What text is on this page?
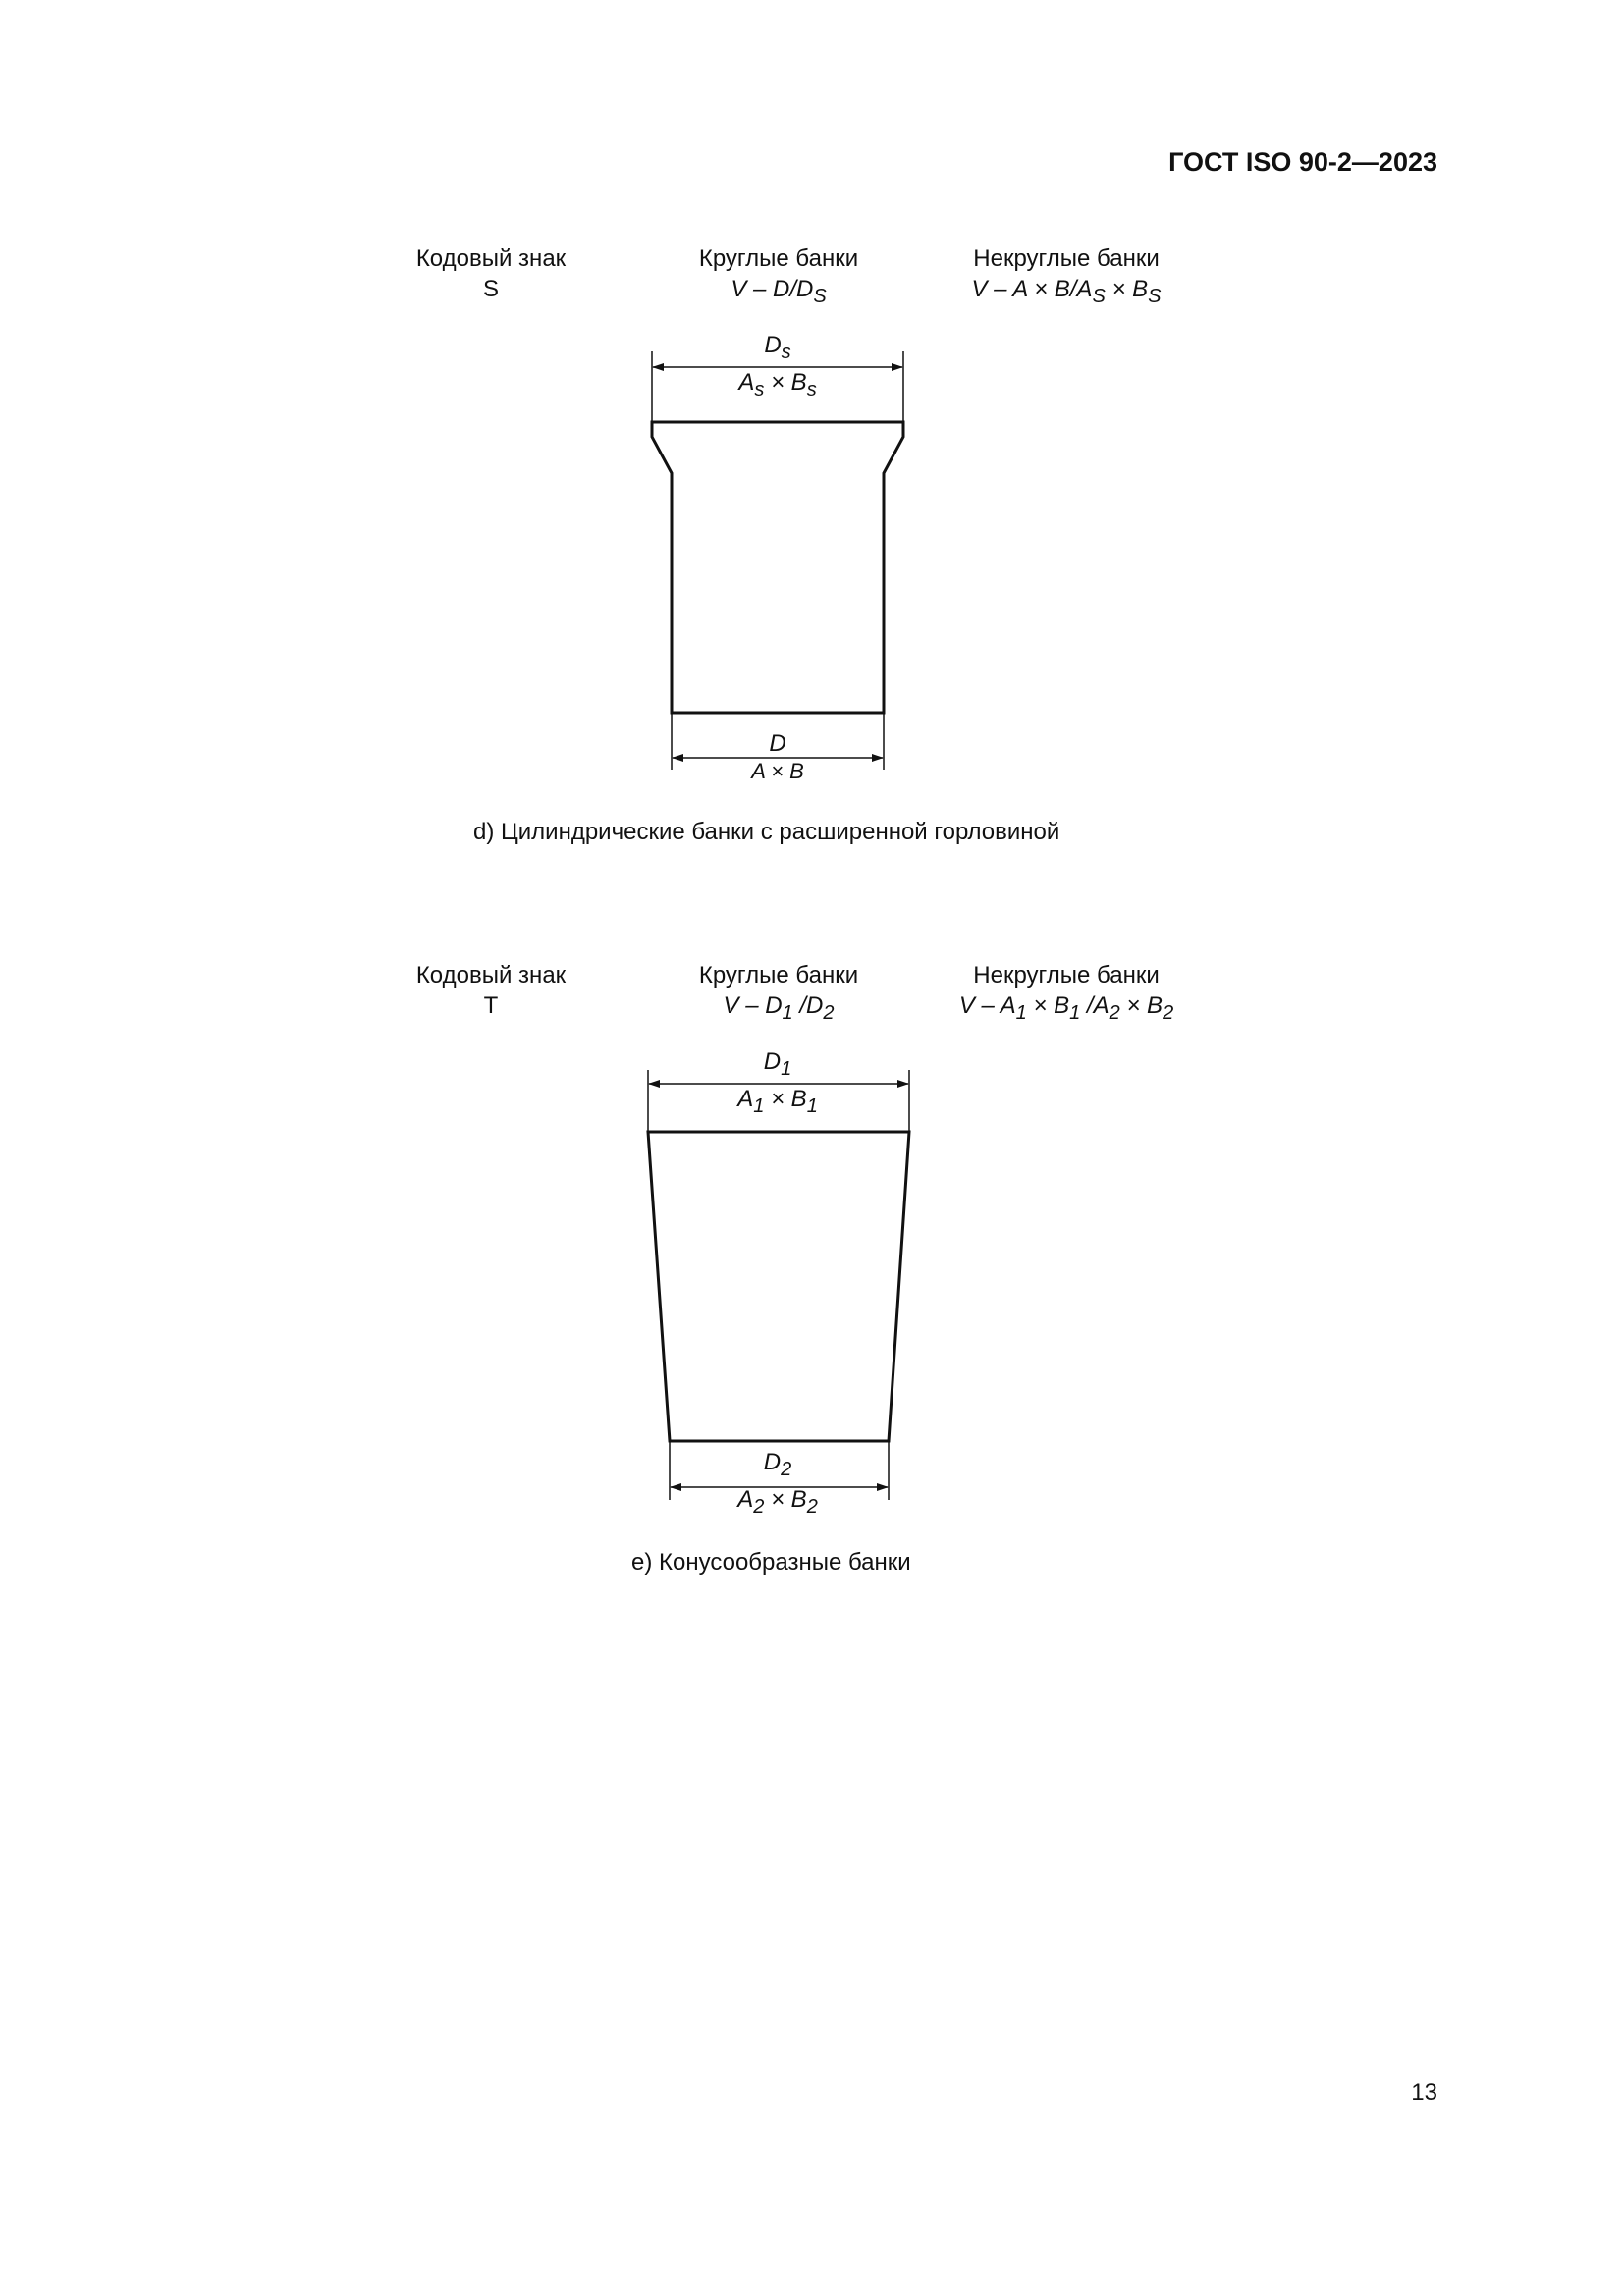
ГОСТ ISO 90-2—2023
Кодовый знак
S
Круглые банки
V – $D/D_S$
Некруглые банки
$V - A \times B/A_S \times B_S$
$D_s$
$A_s \times B_s$
D
A × B
d) Цилиндрические банки с расширенной горловиной
Кодовый знак
T
Круглые банки
V – $D_1$ $/D_2$
Некруглые банки
$V - A_1 \times B_1$ $/A_2 \times B_2$
$D_1$
$A_1 \times B_1$
$D_2$
$A_2 \times B_2$
e) Конусообразные банки
13
